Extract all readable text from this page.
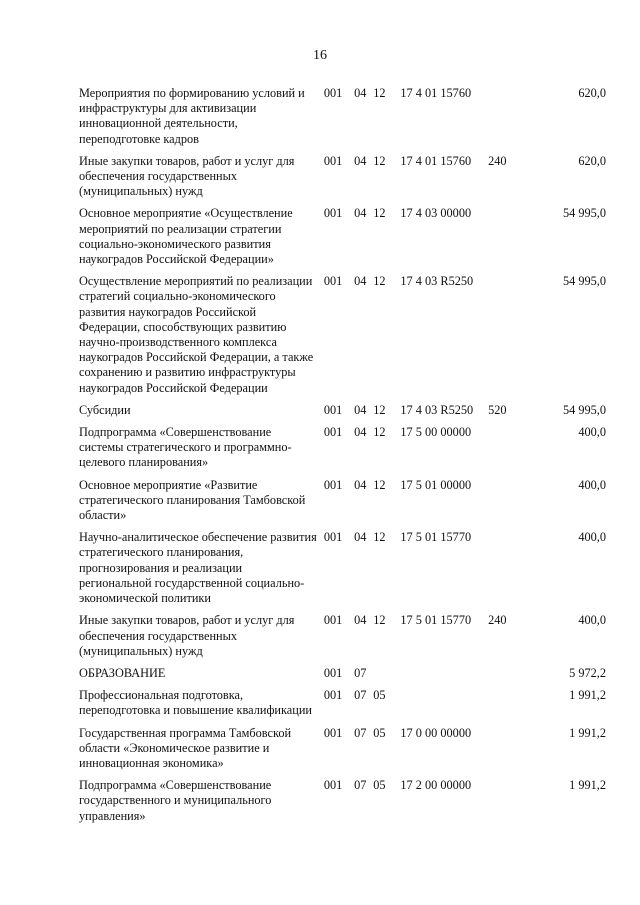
16
Мероприятия по формированию условий и инфраструктуры для активизации инновационной деятельности, переподготовке кадров	001	04	12	17 4 01 15760		620,0

Иные закупки товаров, работ и услуг для обеспечения государственных (муниципальных) нужд	001	04	12	17 4 01 15760	240	620,0

Основное мероприятие «Осуществление мероприятий по реализации стратегии социально-экономического развития наукоградов Российской Федерации»	001	04	12	17 4 03 00000		54 995,0

Осуществление мероприятий по реализации стратегий социально-экономического развития наукоградов Российской Федерации, способствующих развитию научно-производственного комплекса наукоградов Российской Федерации, а также сохранению и развитию инфраструктуры наукоградов Российской Федерации	001	04	12	17 4 03 R5250		54 995,0

Субсидии	001	04	12	17 4 03 R5250	520	54 995,0

Подпрограмма «Совершенствование системы стратегического и программно-целевого планирования»	001	04	12	17 5 00 00000		400,0

Основное мероприятие «Развитие стратегического планирования Тамбовской области»	001	04	12	17 5 01 00000		400,0

Научно-аналитическое обеспечение развития стратегического планирования, прогнозирования и реализации региональной государственной социально-экономической политики	001	04	12	17 5 01 15770		400,0

Иные закупки товаров, работ и услуг для обеспечения государственных (муниципальных) нужд	001	04	12	17 5 01 15770	240	400,0

ОБРАЗОВАНИЕ	001	07				5 972,2

Профессиональная подготовка, переподготовка и повышение квалификации	001	07	05			1 991,2

Государственная программа Тамбовской области «Экономическое развитие и инновационная экономика»	001	07	05	17 0 00 00000		1 991,2

Подпрограмма «Совершенствование государственного и муниципального управления»	001	07	05	17 2 00 00000		1 991,2
